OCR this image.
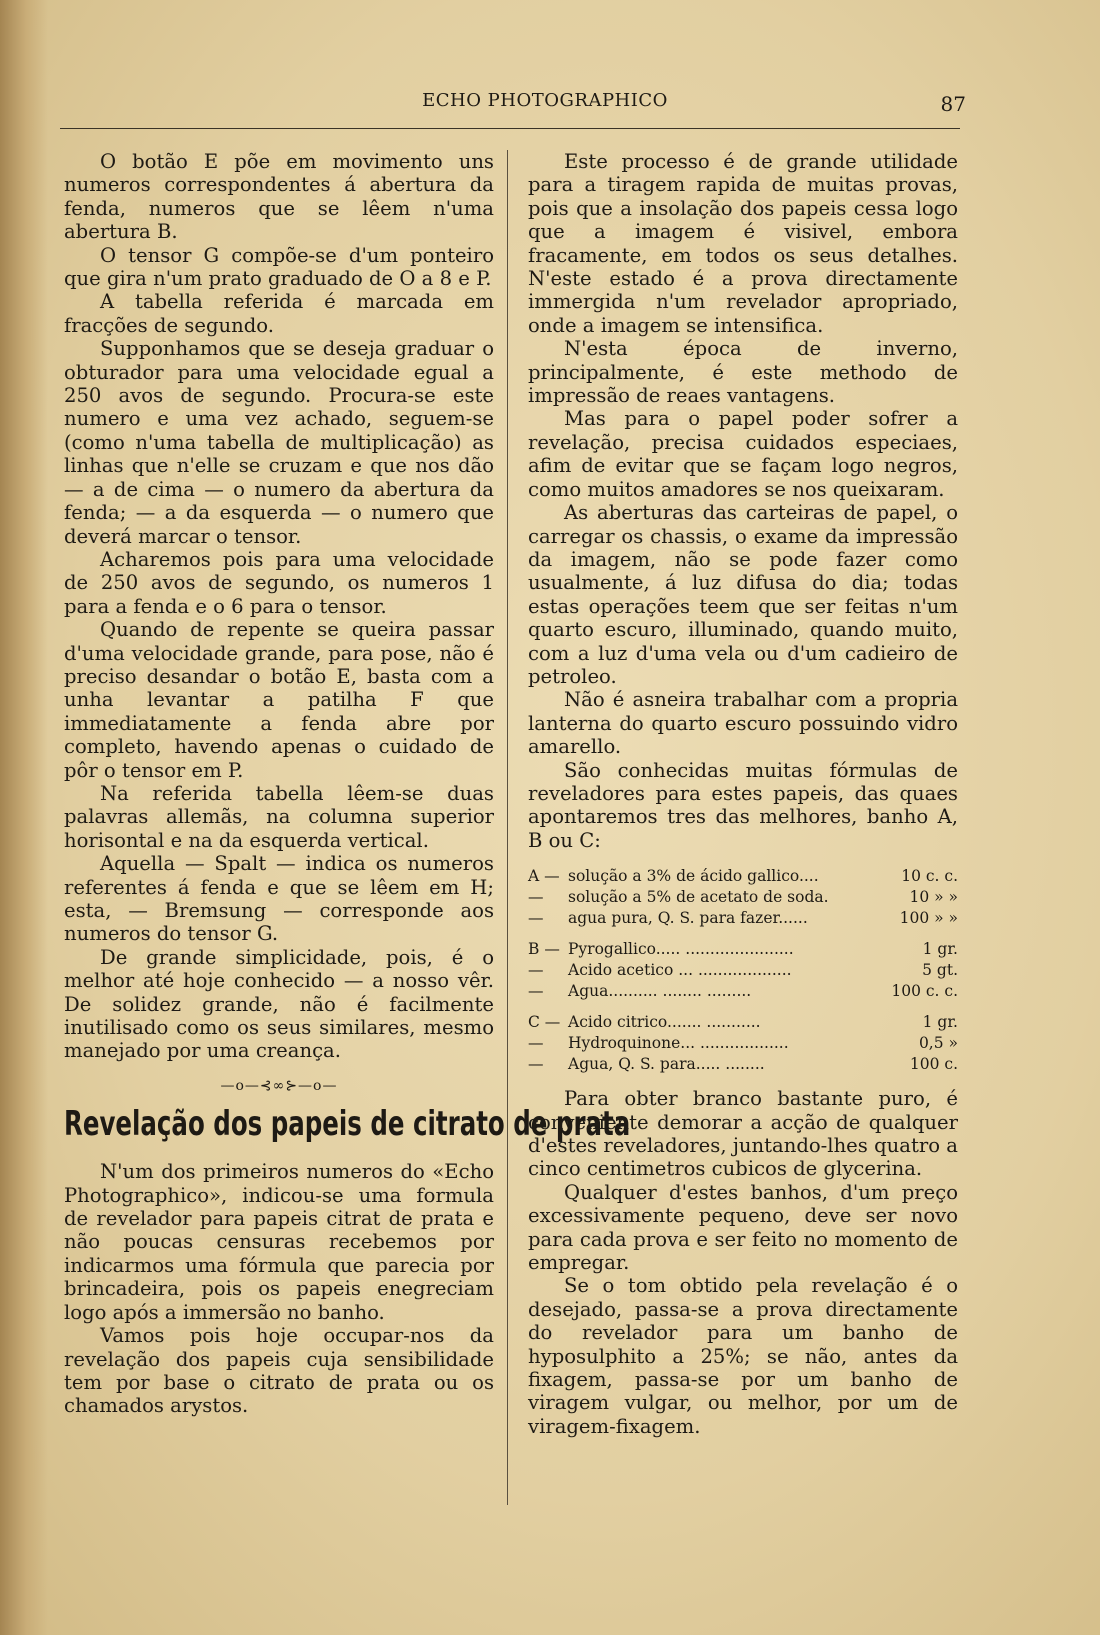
ECHO PHOTOGRAPHICO	87

O botão E põe em movimento uns numeros correspondentes á abertura da fenda, numeros que se lêem n'uma abertura B.

O tensor G compõe-se d'um ponteiro que gira n'um prato graduado de O a 8 e P.

A tabella referida é marcada em fracções de segundo.

Supponhamos que se deseja graduar o obturador para uma velocidade egual a 250 avos de segundo. Procura-se este numero e uma vez achado, seguem-se (como n'uma tabella de multiplicação) as linhas que n'elle se cruzam e que nos dão — a de cima — o numero da abertura da fenda; — a da esquerda — o numero que deverá marcar o tensor.

Acharemos pois para uma velocidade de 250 avos de segundo, os numeros 1 para a fenda e o 6 para o tensor.

Quando de repente se queira passar d'uma velocidade grande, para pose, não é preciso desandar o botão E, basta com a unha levantar a patilha F que immediatamente a fenda abre por completo, havendo apenas o cuidado de pôr o tensor em P.

Na referida tabella lêem-se duas palavras allemãs, na columna superior horisontal e na da esquerda vertical.

Aquella — Spalt — indica os numeros referentes á fenda e que se lêem em H; esta, — Bremsung — corresponde aos numeros do tensor G.

De grande simplicidade, pois, é o melhor até hoje conhecido — a nosso vêr. De solidez grande, não é facilmente inutilisado como os seus similares, mesmo manejado por uma creança.

—o—⊰∞⊱—o—
Revelação dos papeis de citrato de prata

N'um dos primeiros numeros do «Echo Photographico», indicou-se uma formula de revelador para papeis citrat de prata e não poucas censuras recebemos por indicarmos uma fórmula que parecia por brincadeira, pois os papeis enegreciam logo após a immersão no banho.

Vamos pois hoje occupar-nos da revelação dos papeis cuja sensibilidade tem por base o citrato de prata ou os chamados arystos.

Este processo é de grande utilidade para a tiragem rapida de muitas provas, pois que a insolação dos papeis cessa logo que a imagem é visivel, embora fracamente, em todos os seus detalhes. N'este estado é a prova directamente immergida n'um revelador apropriado, onde a imagem se intensifica.

N'esta época de inverno, principalmente, é este methodo de impressão de reaes vantagens.

Mas para o papel poder sofrer a revelação, precisa cuidados especiaes, afim de evitar que se façam logo negros, como muitos amadores se nos queixaram.

As aberturas das carteiras de papel, o carregar os chassis, o exame da impressão da imagem, não se pode fazer como usualmente, á luz difusa do dia; todas estas operações teem que ser feitas n'um quarto escuro, illuminado, quando muito, com a luz d'uma vela ou d'um cadieiro de petroleo.

Não é asneira trabalhar com a propria lanterna do quarto escuro possuindo vidro amarello.

São conhecidas muitas fórmulas de reveladores para estes papeis, das quaes apontaremos tres das melhores, banho A, B ou C:

A — solução a 3% de ácido gallico....	10 c. c.
—	solução a 5% de acetato de soda.	10 » »
—	agua pura, Q. S. para fazer......	100 » »
B — Pyrogallico..... ......................	1 gr.
—	Acido acetico ... ...................	5 gt.
—	Agua.......... ........ .........	100 c. c.
C — Acido citrico....... ...........	1 gr.
—	Hydroquinone... ..................	0,5 »
—	Agua, Q. S. para..... ........	100 c.

Para obter branco bastante puro, é conveniente demorar a acção de qualquer d'estes reveladores, juntando-lhes quatro a cinco centimetros cubicos de glycerina.

Qualquer d'estes banhos, d'um preço excessivamente pequeno, deve ser novo para cada prova e ser feito no momento de empregar.

Se o tom obtido pela revelação é o desejado, passa-se a prova directamente do revelador para um banho de hyposulphito a 25%; se não, antes da fixagem, passa-se por um banho de viragem vulgar, ou melhor, por um de viragem-fixagem.
